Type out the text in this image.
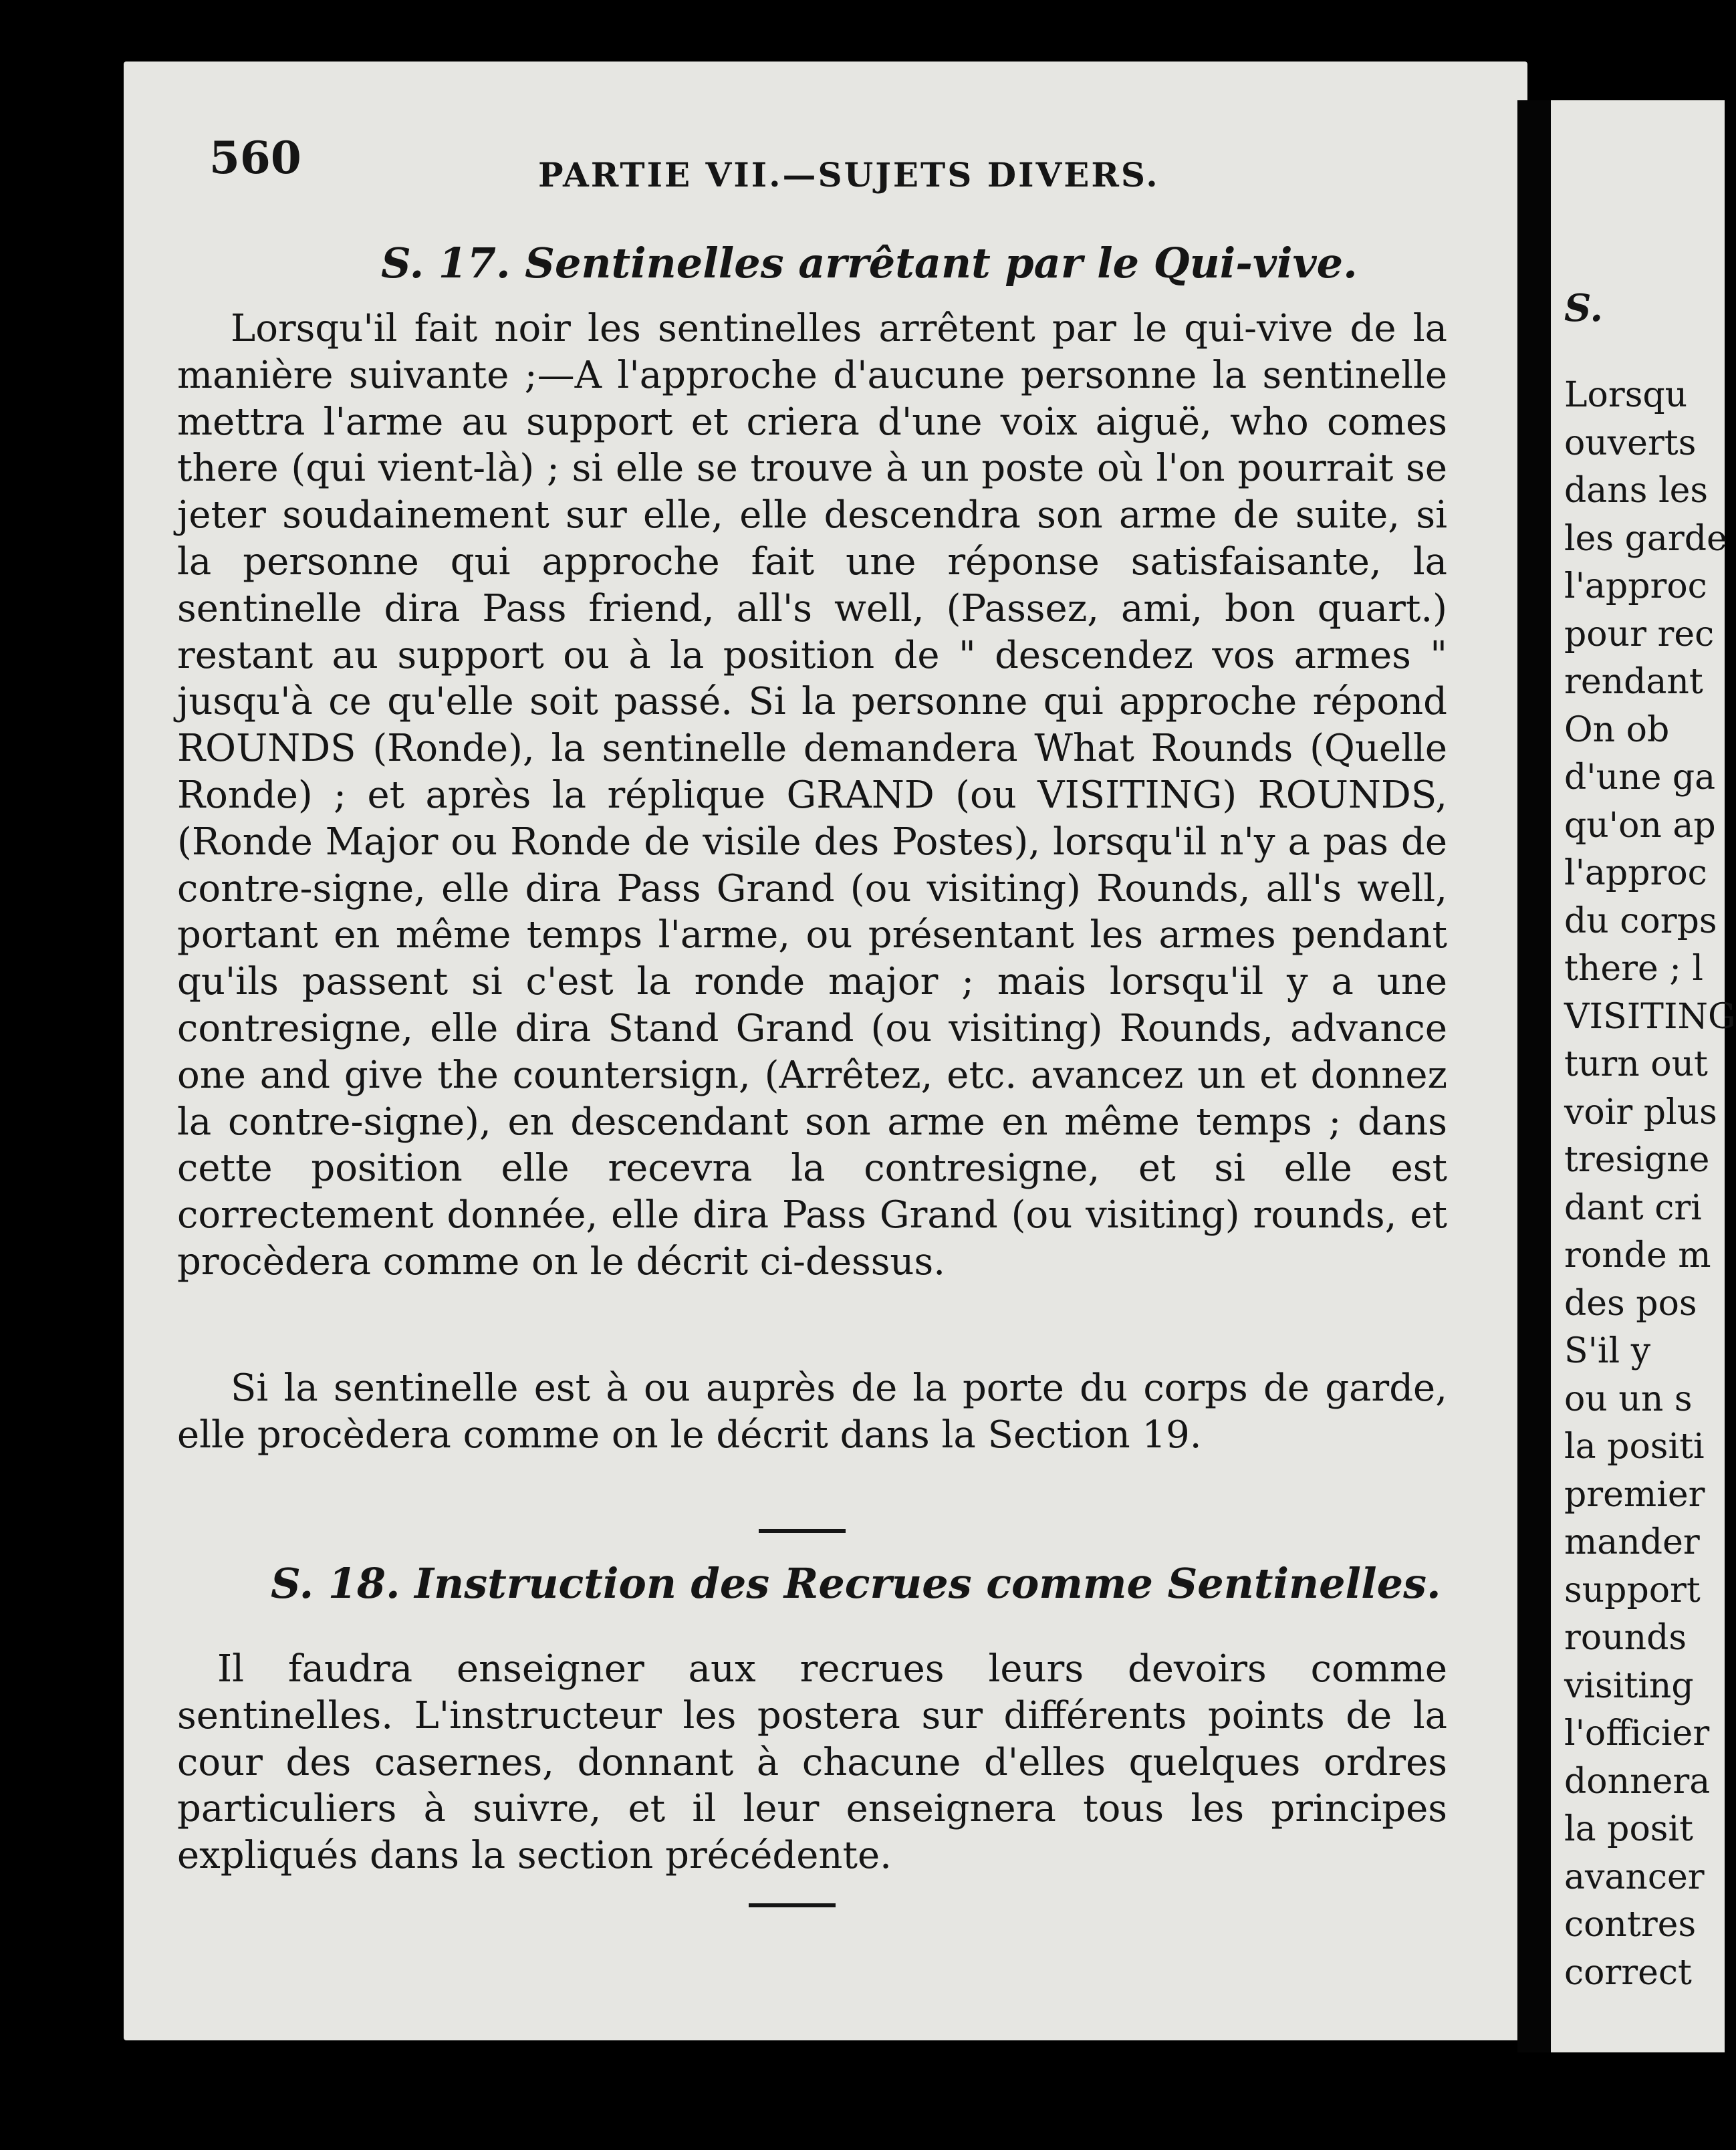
560	PARTIE VII.—SUJETS DIVERS.
S. 17. Sentinelles arrêtant par le Qui-vive.

Lorsqu'il fait noir les sentinelles arrêtent par le qui-vive de la manière suivante ;—A l'approche d'aucune personne la sentinelle mettra l'arme au support et criera d'une voix aiguë, who comes there (qui vient-là) ; si elle se trouve à un poste où l'on pourrait se jeter soudainement sur elle, elle descendra son arme de suite, si la personne qui approche fait une réponse satisfaisante, la sentinelle dira Pass friend, all's well, (Passez, ami, bon quart.) restant au support ou à la position de " descendez vos armes " jusqu'à ce qu'elle soit passé. Si la personne qui approche répond ROUNDS (Ronde), la sentinelle demandera What Rounds (Quelle Ronde) ; et après la réplique GRAND (ou VISITING) ROUNDS, (Ronde Major ou Ronde de visile des Postes), lorsqu'il n'y a pas de contre-signe, elle dira Pass Grand (ou visiting) Rounds, all's well, portant en même temps l'arme, ou présentant les armes pendant qu'ils passent si c'est la ronde major ; mais lorsqu'il y a une contresigne, elle dira Stand Grand (ou visiting) Rounds, advance one and give the countersign, (Arrêtez, etc. avancez un et donnez la contre-signe), en descendant son arme en même temps ; dans cette position elle recevra la contresigne, et si elle est correctement donnée, elle dira Pass Grand (ou visiting) rounds, et procèdera comme on le décrit ci-dessus.

Si la sentinelle est à ou auprès de la porte du corps de garde, elle procèdera comme on le décrit dans la Section 19.

S. 18. Instruction des Recrues comme Sentinelles.

Il faudra enseigner aux recrues leurs devoirs comme sentinelles. L'instructeur les postera sur différents points de la cour des casernes, donnant à chacune d'elles quelques ordres particuliers à suivre, et il leur enseignera tous les principes expliqués dans la section précédente.

S.
Lorsqu
ouverts
dans les
les garde
l'approc
pour rec
rendant
On ob
d'une ga
qu'on ap
l'approc
du corps
there ; l
VISITING
turn out
voir plus
tresigne
dant cri
ronde m
des pos
S'il y
ou un s
la positi
premier
mander
support
rounds
visiting
l'officier
donnera
la posit
avancer
contres
correct
